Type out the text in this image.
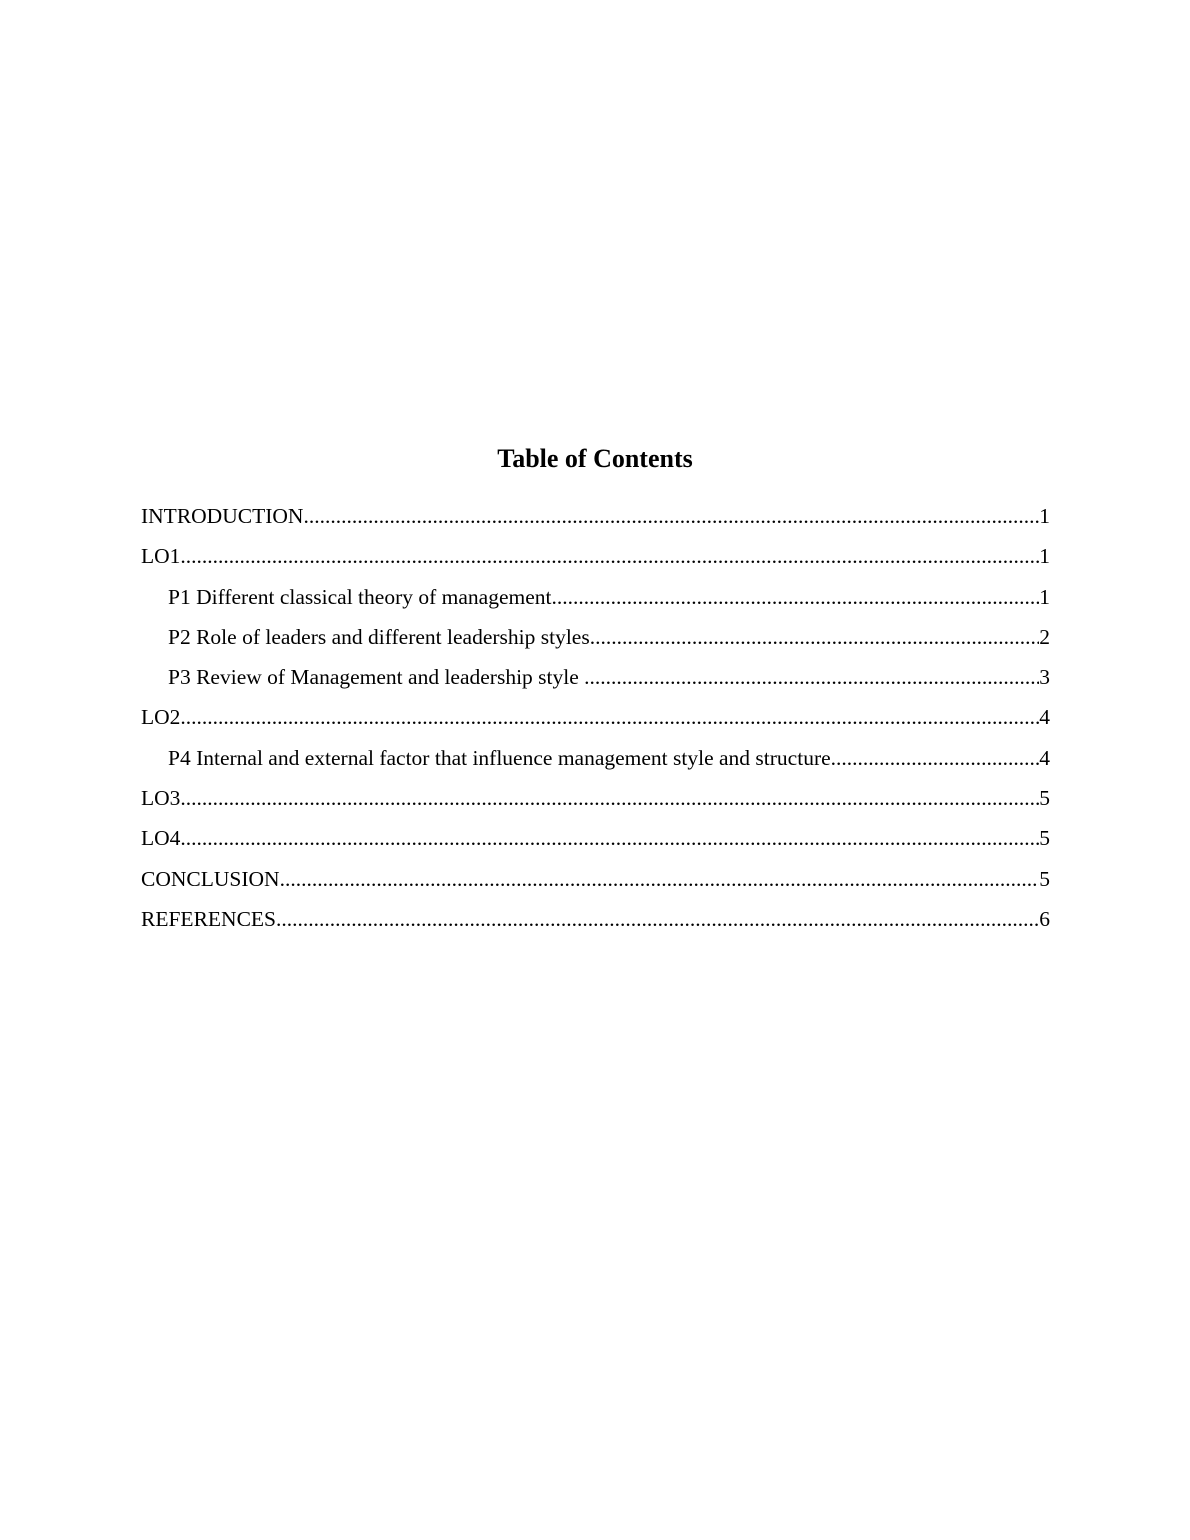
Table of Contents
INTRODUCTION .....	1
LO1 .....	1
P1 Different classical theory of management .....	1
P2 Role of leaders and different leadership styles .....	2
P3 Review of Management and leadership style .....	3
LO2 .....	4
P4 Internal and external factor that influence management style and structure .....	4
LO3 .....	5
LO4 .....	5
CONCLUSION .....	5
REFERENCES .....	6
